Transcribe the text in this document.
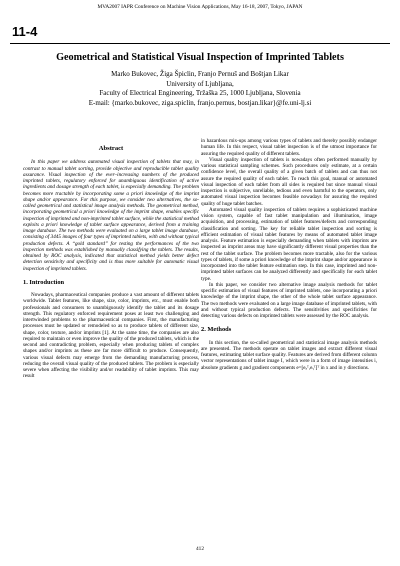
MVA2007 IAPR Conference on Machine Vision Applications, May 16-18, 2007, Tokyo, JAPAN
11-4
Geometrical and Statistical Visual Inspection of Imprinted Tablets
Marko Bukovec, Žiga Špiclin, Franjo Pernuš and Boštjan Likar
University of Ljubljana,
Faculty of Electrical Engineering, Tržaška 25, 1000 Ljubljana, Slovenia
E-mail: {marko.bukovec, ziga.spiclin, franjo.pernus, bostjan.likar}@fe.uni-lj.si
Abstract

In this paper we address automated visual inspection of tablets that may, in contrast to manual tablet sorting, provide objective and reproducible tablet quality assurance. Visual inspection of the ever–increasing numbers of the produced imprinted tablets, regulatory enforced for unambiguous identification of active ingredients and dosage strength of each tablet, is especially demanding. The problem becomes more tractable by incorporating some a priori knowledge of the imprint shape and/or appearance. For this purpose, we consider two alternatives, the so-called geometrical and statistical image analysis methods. The geometrical method, incorporating geometrical a priori knowledge of the imprint shape, enables specific inspection of imprinted and non-imprinted tablet surface, while the statistical method exploits a priori knowledge of tablet surface appearance, derived from a training image database. The two methods were evaluated on a large tablet image database, consisting of 3445 images of four types of imprinted tablets, with and without typical production defects. A “gold standard” for testing the performances of the two inspection methods was established by manually classifying the tablets. The results, obtained by ROC analysis, indicated that statistical method yields better defect detection sensitivity and specificity and is thus more suitable for automatic visual inspection of imprinted tablets.

1. Introduction

Nowadays, pharmaceutical companies produce a vast amount of different tablets worldwide. Tablet features, like shape, size, color, imprints, etc., must enable both professionals and consumers to unambiguously identify the tablet and its dosage strength. This regulatory enforced requirement poses at least two challenging and intertwinded problems to the pharmaceutical companies. First, the manufacturing processes must be updated or remodeled so as to produce tablets of different size, shape, color, texture, and/or imprints [1]. At the same time, the companies are also required to maintain or even improve the quality of the produced tablets, which is the second and contradicting problem, especially when producing tablets of complex shapes and/or imprints as these are far more difficult to produce. Consequently, various visual defects may emerge from the demanding manufacturing process, reducing the overall visual quality of the produced tablets. The problem is especially severe when affecting the visibility and/or readability of tablet imprints. This may result

in hazardous mix-ups among various types of tablets and thereby possibly endanger human life. In this respect, visual tablet inspection is of the utmost importance for assuring the required quality of different tablets.

Visual quality inspection of tablets is nowadays often performed manually by various statistical sampling schemes. Such procedures only estimate, at a certain confidence level, the overall quality of a given batch of tablets and can thus not assure the required quality of each tablet. To reach this goal, manual or automated visual inspection of each tablet from all sides is required but since manual visual inspection is subjective, unreliable, tedious and even harmful to the operators, only automated visual inspection becomes feasible nowadays for assuring the required quality of huge tablet batches.

Automated visual quality inspection of tablets requires a sophisticated machine vision system, capable of fast tablet manipulation and illumination, image acquisition, and processing, estimation of tablet features/defects and corresponding classification and sorting. The key for reliable tablet inspection and sorting is efficient estimation of visual tablet features by means of automated tablet image analysis. Feature estimation is especially demanding when tablets with imprints are inspected as imprint areas may have significantly different visual properties than the rest of the tablet surface. The problem becomes more tractable, also for the various types of tablets, if some a priori knowledge of the imprint shape and/or appearance is incorporated into the tablet feature estimation step. In this case, imprinted and non-imprinted tablet surfaces can be analyzed differently and specifically for each tablet type.

In this paper, we consider two alternative image analysis methods for tablet specific estimation of visual features of imprinted tablets, one incorporating a priori knowledge of the imprint shape, the other of the whole tablet surface appearance. The two methods were evaluated on a large image database of imprinted tablets, with and without typical production defects. The sensitivities and specificities for detecting various defects on imprinted tablets were assessed by the ROC analysis.

2. Methods

In this section, the so-called geometrical and statistical image analysis methods are presented. The methods operate on tablet images and extract different visual features, estimating tablet surface quality. Features are derived from different column vector representations of tablet image I, which were in a form of image intensities i, absolute gradients g and gradient components e=[eₓᵀ,eᵧᵀ]ᵀ in x and in y directions.

412
